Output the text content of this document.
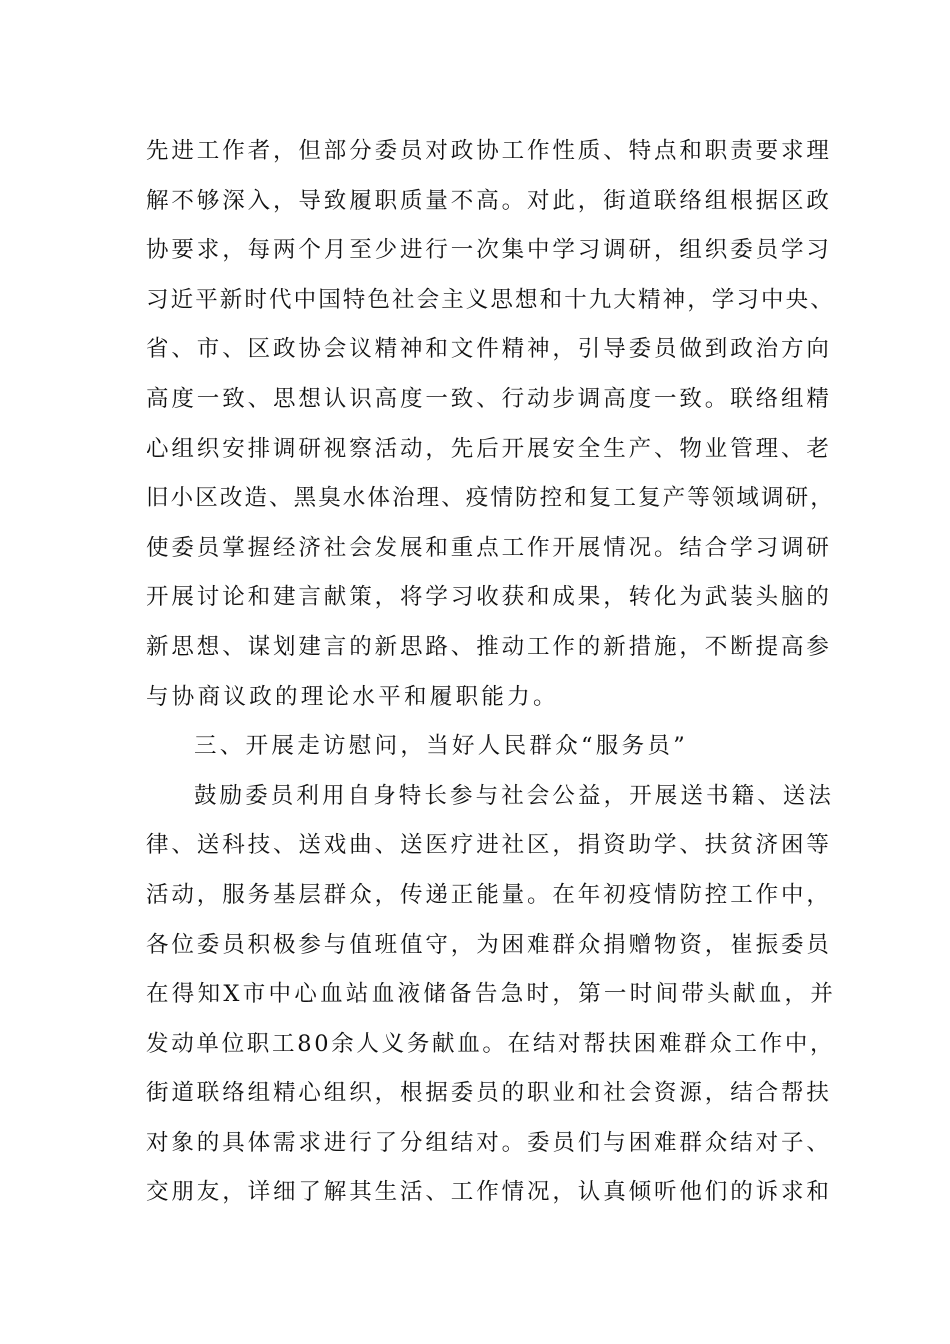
先进工作者，但部分委员对政协工作性质、特点和职责要求理
解不够深入，导致履职质量不高。对此，街道联络组根据区政
协要求，每两个月至少进行一次集中学习调研，组织委员学习
习近平新时代中国特色社会主义思想和十九大精神，学习中央、
省、市、区政协会议精神和文件精神，引导委员做到政治方向
高度一致、思想认识高度一致、行动步调高度一致。联络组精
心组织安排调研视察活动，先后开展安全生产、物业管理、老
旧小区改造、黑臭水体治理、疫情防控和复工复产等领域调研，
使委员掌握经济社会发展和重点工作开展情况。结合学习调研
开展讨论和建言献策，将学习收获和成果，转化为武装头脑的
新思想、谋划建言的新思路、推动工作的新措施，不断提高参
与协商议政的理论水平和履职能力。
三、开展走访慰问，当好人民群众“服务员”
鼓励委员利用自身特长参与社会公益，开展送书籍、送法
律、送科技、送戏曲、送医疗进社区，捐资助学、扶贫济困等
活动，服务基层群众，传递正能量。在年初疫情防控工作中，
各位委员积极参与值班值守，为困难群众捐赠物资，崔振委员
在得知X市中心血站血液储备告急时，第一时间带头献血，并
发动单位职工80余人义务献血。在结对帮扶困难群众工作中，
街道联络组精心组织，根据委员的职业和社会资源，结合帮扶
对象的具体需求进行了分组结对。委员们与困难群众结对子、
交朋友，详细了解其生活、工作情况，认真倾听他们的诉求和
